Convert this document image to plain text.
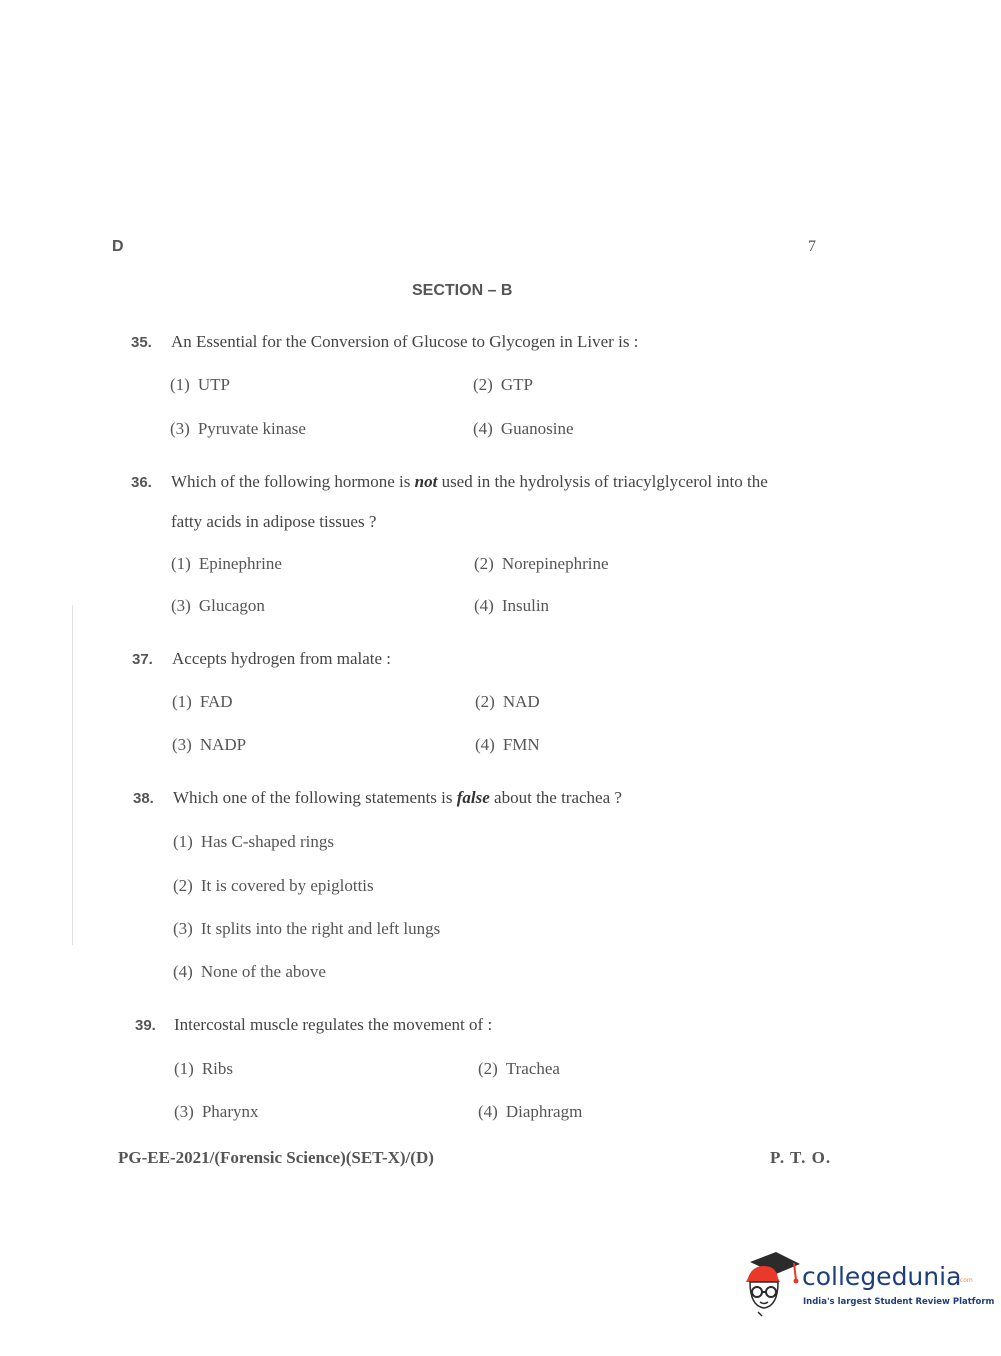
D	7
SECTION – B
35. An Essential for the Conversion of Glucose to Glycogen in Liver is :
(1) UTP	(2) GTP
(3) Pyruvate kinase	(4) Guanosine
36. Which of the following hormone is not used in the hydrolysis of triacylglycerol into the
fatty acids in adipose tissues ?
(1) Epinephrine	(2) Norepinephrine
(3) Glucagon	(4) Insulin
37. Accepts hydrogen from malate :
(1) FAD	(2) NAD
(3) NADP	(4) FMN
38. Which one of the following statements is false about the trachea ?
(1) Has C-shaped rings
(2) It is covered by epiglottis
(3) It splits into the right and left lungs
(4) None of the above
39. Intercostal muscle regulates the movement of :
(1) Ribs	(2) Trachea
(3) Pharynx	(4) Diaphragm
PG-EE-2021/(Forensic Science)(SET-X)/(D)	P. T. O.
collegedunia
.com
India's largest Student Review Platform
